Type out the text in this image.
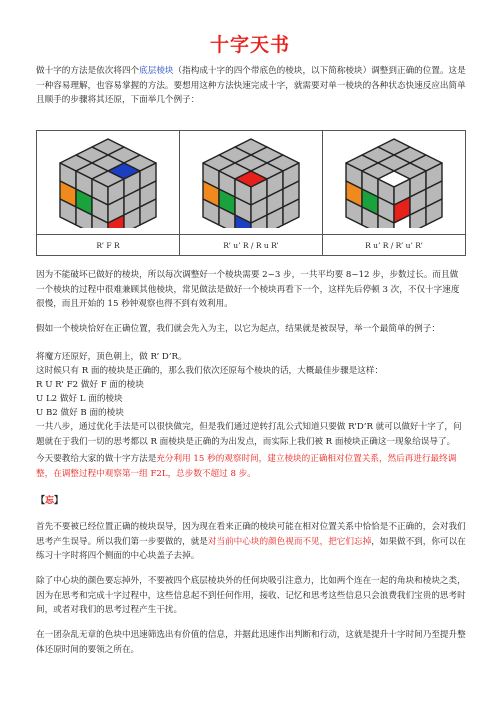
十字天书

做十字的方法是依次将四个底层棱块（指构成十字的四个带底色的棱块，以下简称棱块）调整到正确的位置。这是一种容易理解，也容易掌握的方法。要想用这种方法快速完成十字，就需要对单一棱块的各种状态快速反应出简单且顺手的步骤将其还原，下面举几个例子：

R’ F R	R’ u’ R / R u R’	R u’ R / R’ u’ R’

因为不能破坏已做好的棱块，所以每次调整好一个棱块需要 2~3 步，一共平均要 8~12 步，步数过长。而且做一个棱块的过程中很难兼顾其他棱块，常见做法是做好一个棱块再看下一个，这样先后停顿 3 次，不仅十字速度很慢，而且开始的 15 秒钟观察也得不到有效利用。

假如一个棱块恰好在正确位置，我们就会先入为主，以它为起点，结果就是被误导，举一个最简单的例子：

将魔方还原好，顶色朝上，做 R’ D’R。

这时候只有 R 面的棱块是正确的，那么我们依次还原每个棱块的话，大概最佳步骤是这样：

R U R’ F2 做好 F 面的棱块

U L2 做好 L 面的棱块

U B2 做好 B 面的棱块

一共八步，通过优化手法是可以很快做完，但是我们通过逆转打乱公式知道只要做 R’D’R 就可以做好十字了，问题就在于我们一切的思考都以 R 面棱块是正确的为出发点，而实际上我们被 R 面棱块正确这一现象给误导了。

今天要教给大家的做十字方法是充分利用 15 秒的观察时间，建立棱块的正确相对位置关系，然后再进行最终调整，在调整过程中观察第一组 F2L，总步数不超过 8 步。

【忘】

首先不要被已经位置正确的棱块误导，因为现在看来正确的棱块可能在相对位置关系中恰恰是不正确的，会对我们思考产生误导。所以我们第一步要做的，就是对当前中心块的颜色视而不见，把它们忘掉，如果做不到，你可以在练习十字时将四个侧面的中心块盖子去掉。

除了中心块的颜色要忘掉外，不要被四个底层棱块外的任何块吸引注意力，比如两个连在一起的角块和棱块之类，因为在思考和完成十字过程中，这些信息起不到任何作用，接收、记忆和思考这些信息只会浪费我们宝贵的思考时间，或者对我们的思考过程产生干扰。

在一团杂乱无章的色块中迅速筛选出有价值的信息，并据此迅速作出判断和行动，这就是提升十字时间乃至提升整体还原时间的要领之所在。
